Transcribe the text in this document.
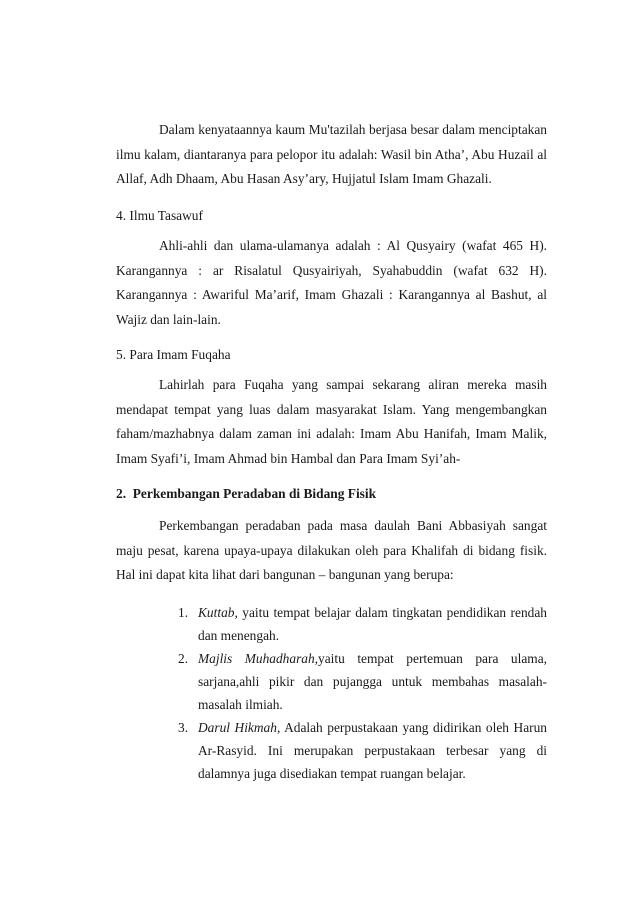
Dalam kenyataannya kaum Mu'tazilah berjasa besar dalam menciptakan ilmu kalam, diantaranya para pelopor itu adalah: Wasil bin Atha’, Abu Huzail al Allaf, Adh Dhaam, Abu Hasan Asy’ary, Hujjatul Islam Imam Ghazali.
4. Ilmu Tasawuf
Ahli-ahli dan ulama-ulamanya adalah : Al Qusyairy (wafat 465 H). Karangannya : ar Risalatul Qusyairiyah, Syahabuddin (wafat 632 H). Karangannya : Awariful Ma’arif, Imam Ghazali : Karangannya al Bashut, al Wajiz dan lain-lain.
5. Para Imam Fuqaha
Lahirlah para Fuqaha yang sampai sekarang aliran mereka masih mendapat tempat yang luas dalam masyarakat Islam. Yang mengembangkan faham/mazhabnya dalam zaman ini adalah: Imam Abu Hanifah, Imam Malik, Imam Syafi’i, Imam Ahmad bin Hambal dan Para Imam Syi’ah-
2. Perkembangan Peradaban di Bidang Fisik
Perkembangan peradaban pada masa daulah Bani Abbasiyah sangat maju pesat, karena upaya-upaya dilakukan oleh para Khalifah di bidang fisik. Hal ini dapat kita lihat dari bangunan – bangunan yang berupa:
1. Kuttab, yaitu tempat belajar dalam tingkatan pendidikan rendah dan menengah.
2. Majlis Muhadharah,yaitu tempat pertemuan para ulama, sarjana,ahli pikir dan pujangga untuk membahas masalah-masalah ilmiah.
3. Darul Hikmah, Adalah perpustakaan yang didirikan oleh Harun Ar-Rasyid. Ini merupakan perpustakaan terbesar yang di dalamnya juga disediakan tempat ruangan belajar.
